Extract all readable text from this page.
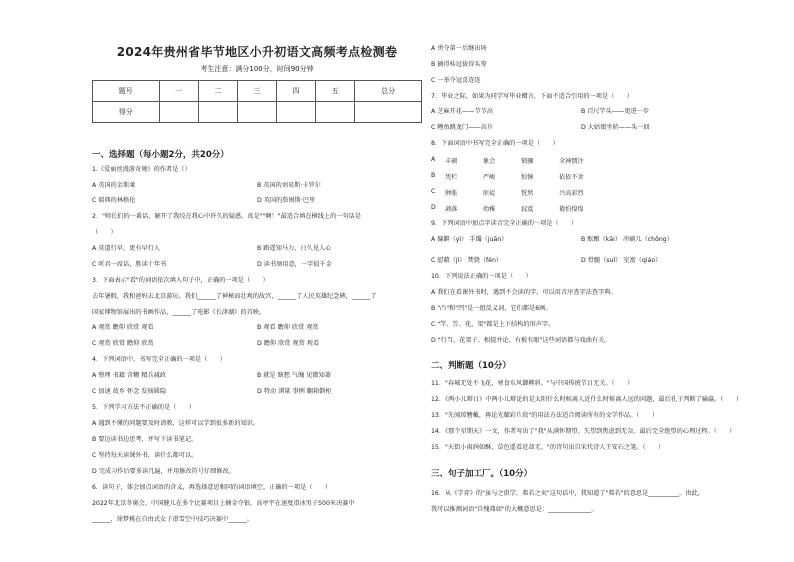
2024年贵州省毕节地区小升初语文高频考点检测卷
考生注意：满分100分，时间90分钟
题号	一	二	三	四	五	总分
得分						
一、选择题（每小题2分，共20分）
1.《爱丽丝漫游奇境》的作者是（）
A 英国的金斯莱	B 英国的刘易斯·卡罗尔
C 瑞典的林格伦	D 英国的詹姆斯·巴里
2．"师长们的一番话，解开了我绞在我心中许久的疑惑。真是""啊！"最适合填在横线上的一句话是
（　　）
A 莫道行早，更有早行人	B 路遥知马力，日久见人心
C 听君一席话，胜读十年书	D 读书须用意，一字值千金
3．下面表示"看"的词语依次填入句子中，正确的一项是（　　）
去年暑假，我和爸妈去北京游玩。我们______了神秘而壮观的故宫，______了人民英雄纪念碑，______了
国家博物馆展出的书画作品，______了电影《长津湖》的首映。
A 观赏 瞻仰 欣赏 观看	B 观看 瞻仰 欣赏 观赏
C 观赏 欣赏 瞻仰 欣赏	D 瞻仰 欣赏 观赏 观看
4．下列词语中，书写完全正确的一项是（　　）
A 整理 书籍 含糊 精兵减政	B 就是 瞎想 气魄 见微知著
C 加速 故乡 怀念 发扬圆隐	D 特动 浏量 事例 翻箱倒柜
5．下列学习方法不正确的是（　　）
A 遇到不懂的问题要及时请教，这样可以学到很多新的知识。
B 要边读书边思考，并写下读书笔记。
C 坚持每天读课外书，读什么都可以。
D 完成习作后要多读几遍，并用修改符号仔细修改。
6．读句子，体会加点词语的含义，再选择意思相同的词语填空，正确的一项是（　　）
2022年北京冬奥会，中国健儿在多个比赛项目上摘金夺银。高亭宇在速度滑冰男子500米决赛中
______，徐梦桃在自由式女子滑雪空中技巧决赛中______。
A 勇夺第一后继出场
B 摘得桂冠拔得头筹
C 一举夺冠喜连连
7．毕业之际，如果为同学写毕业赠言，下面不适合引用的一项是（　　）
A 芝麻开花——节节高	B 百尺竿头——更进一步
C 鲤鱼跳龙门——高升	D 大姑娘坐轿——头一回
8．下面词语中书写完全正确的一项是（　　）
A 丰硕	象会	锁骤	全神惯注
B 凭栏	严峻	惊悚	依依不舍
C 肿胀	匪徒	恍然	兴高彩烈
D 剥落	幼稚	寂寞	倦怕惶惶
9．下列词语中加点字读音完全正确的一项是（　　）
A 偏僻（yì） 手镯（juān）	B 酝酿（kāi） 冲刷儿（chōng）
C 慰藉（jì） 焚烧（fén）	D 骨髓（suǐ） 室富（qiáo）
10．下列说法正确的一项是（　　）
A 我们在看课外书时，遇到不会读的字，可以用音序查字法查字典。
B "凸"和"凹"是一组反义词，它们都是6画。
C "竿、笠、花、架"都是上下结构的形声字。
D "行当、花架子、相提并论、有板有眼"这些词语都与戏曲有关。
二、判断题（10分）
11．"春城无处不飞花，寒食东风御柳斜。"与中国传统节日无关。（　　）
12．《两小儿辩日》中两小儿辩论的是太阳什么时候离人近什么时候离人远的问题，最后孔子判断了输赢。（　　）
13．"先闻琼簪戴，再论光耀彩片段"的用法方法适合阅读所有的文学作品。（　　）
14．《那个星期天》一文，作者写出了"我"从满怀期望、失望到焦虑到无奈、最后完全绝望的心理过程。（　　）
15．"天街小雨润如酥，草色遥看近却无。"的诗句出自宋代诗人王安石之笔。（　　）
三、句子加工厂。（10分）
16．从《学弈》的"虽与之俱学，弗若之矣"这句话中，我知道了"弗若"的意思是__________。由此，
我可以推测词语"自愧弗如"的大概意思是：______________。
